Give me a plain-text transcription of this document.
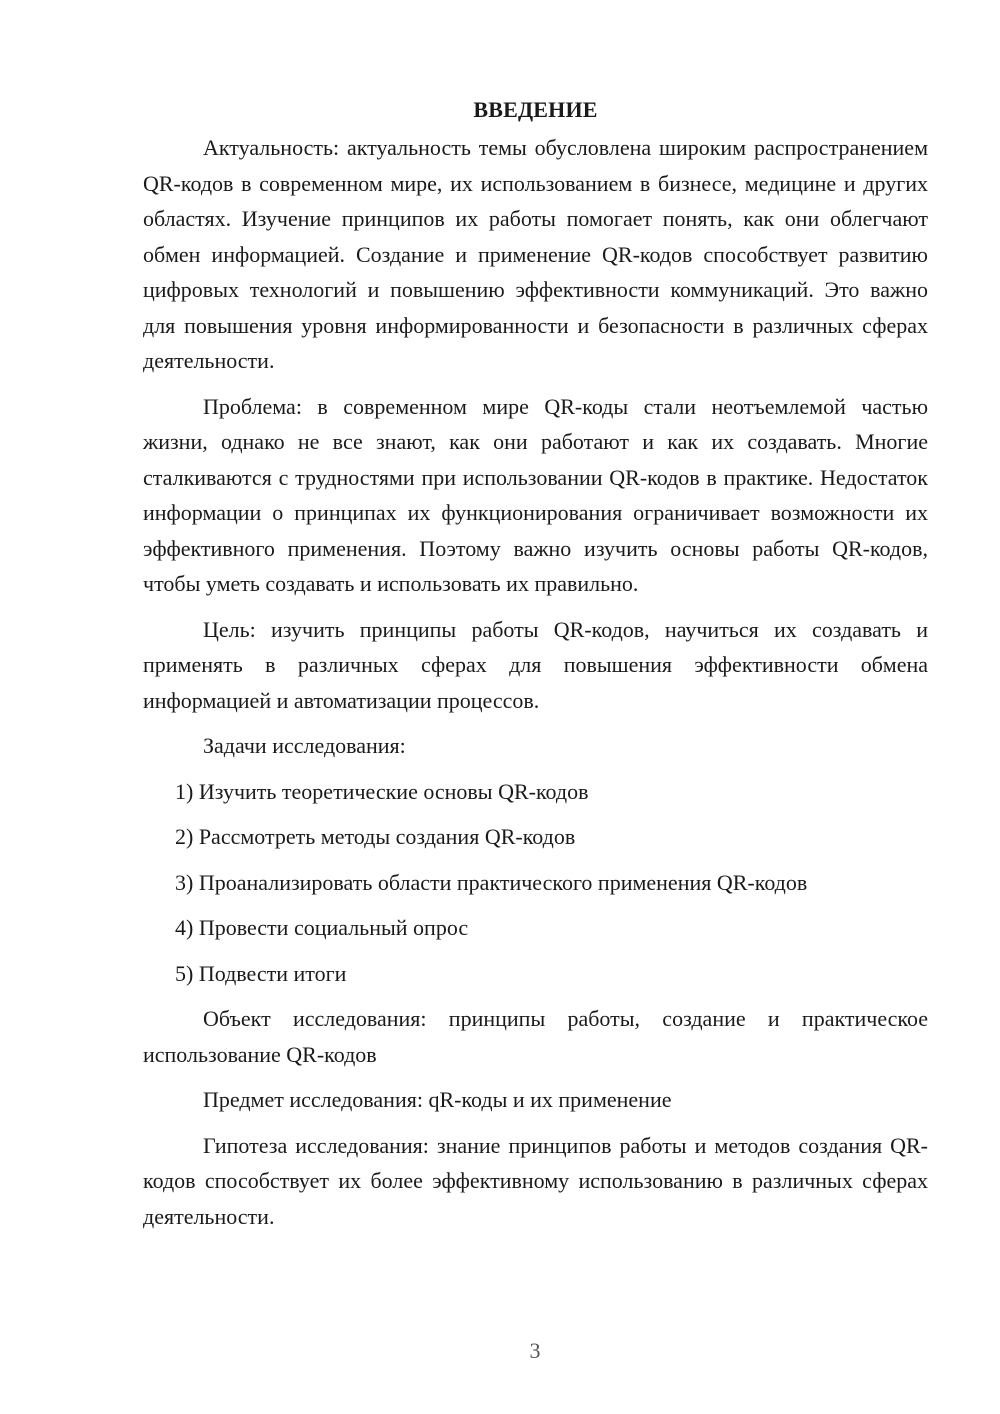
ВВЕДЕНИЕ

Актуальность: актуальность темы обусловлена широким распространением QR-кодов в современном мире, их использованием в бизнесе, медицине и других областях. Изучение принципов их работы помогает понять, как они облегчают обмен информацией. Создание и применение QR-кодов способствует развитию цифровых технологий и повышению эффективности коммуникаций. Это важно для повышения уровня информированности и безопасности в различных сферах деятельности.

Проблема: в современном мире QR-коды стали неотъемлемой частью жизни, однако не все знают, как они работают и как их создавать. Многие сталкиваются с трудностями при использовании QR-кодов в практике. Недостаток информации о принципах их функционирования ограничивает возможности их эффективного применения. Поэтому важно изучить основы работы QR-кодов, чтобы уметь создавать и использовать их правильно.

Цель: изучить принципы работы QR-кодов, научиться их создавать и применять в различных сферах для повышения эффективности обмена информацией и автоматизации процессов.

Задачи исследования:

1) Изучить теоретические основы QR-кодов
2) Рассмотреть методы создания QR-кодов
3) Проанализировать области практического применения QR-кодов
4) Провести социальный опрос
5) Подвести итоги

Объект исследования: принципы работы, создание и практическое использование QR-кодов

Предмет исследования: qR-коды и их применение

Гипотеза исследования: знание принципов работы и методов создания QR-кодов способствует их более эффективному использованию в различных сферах деятельности.

3
